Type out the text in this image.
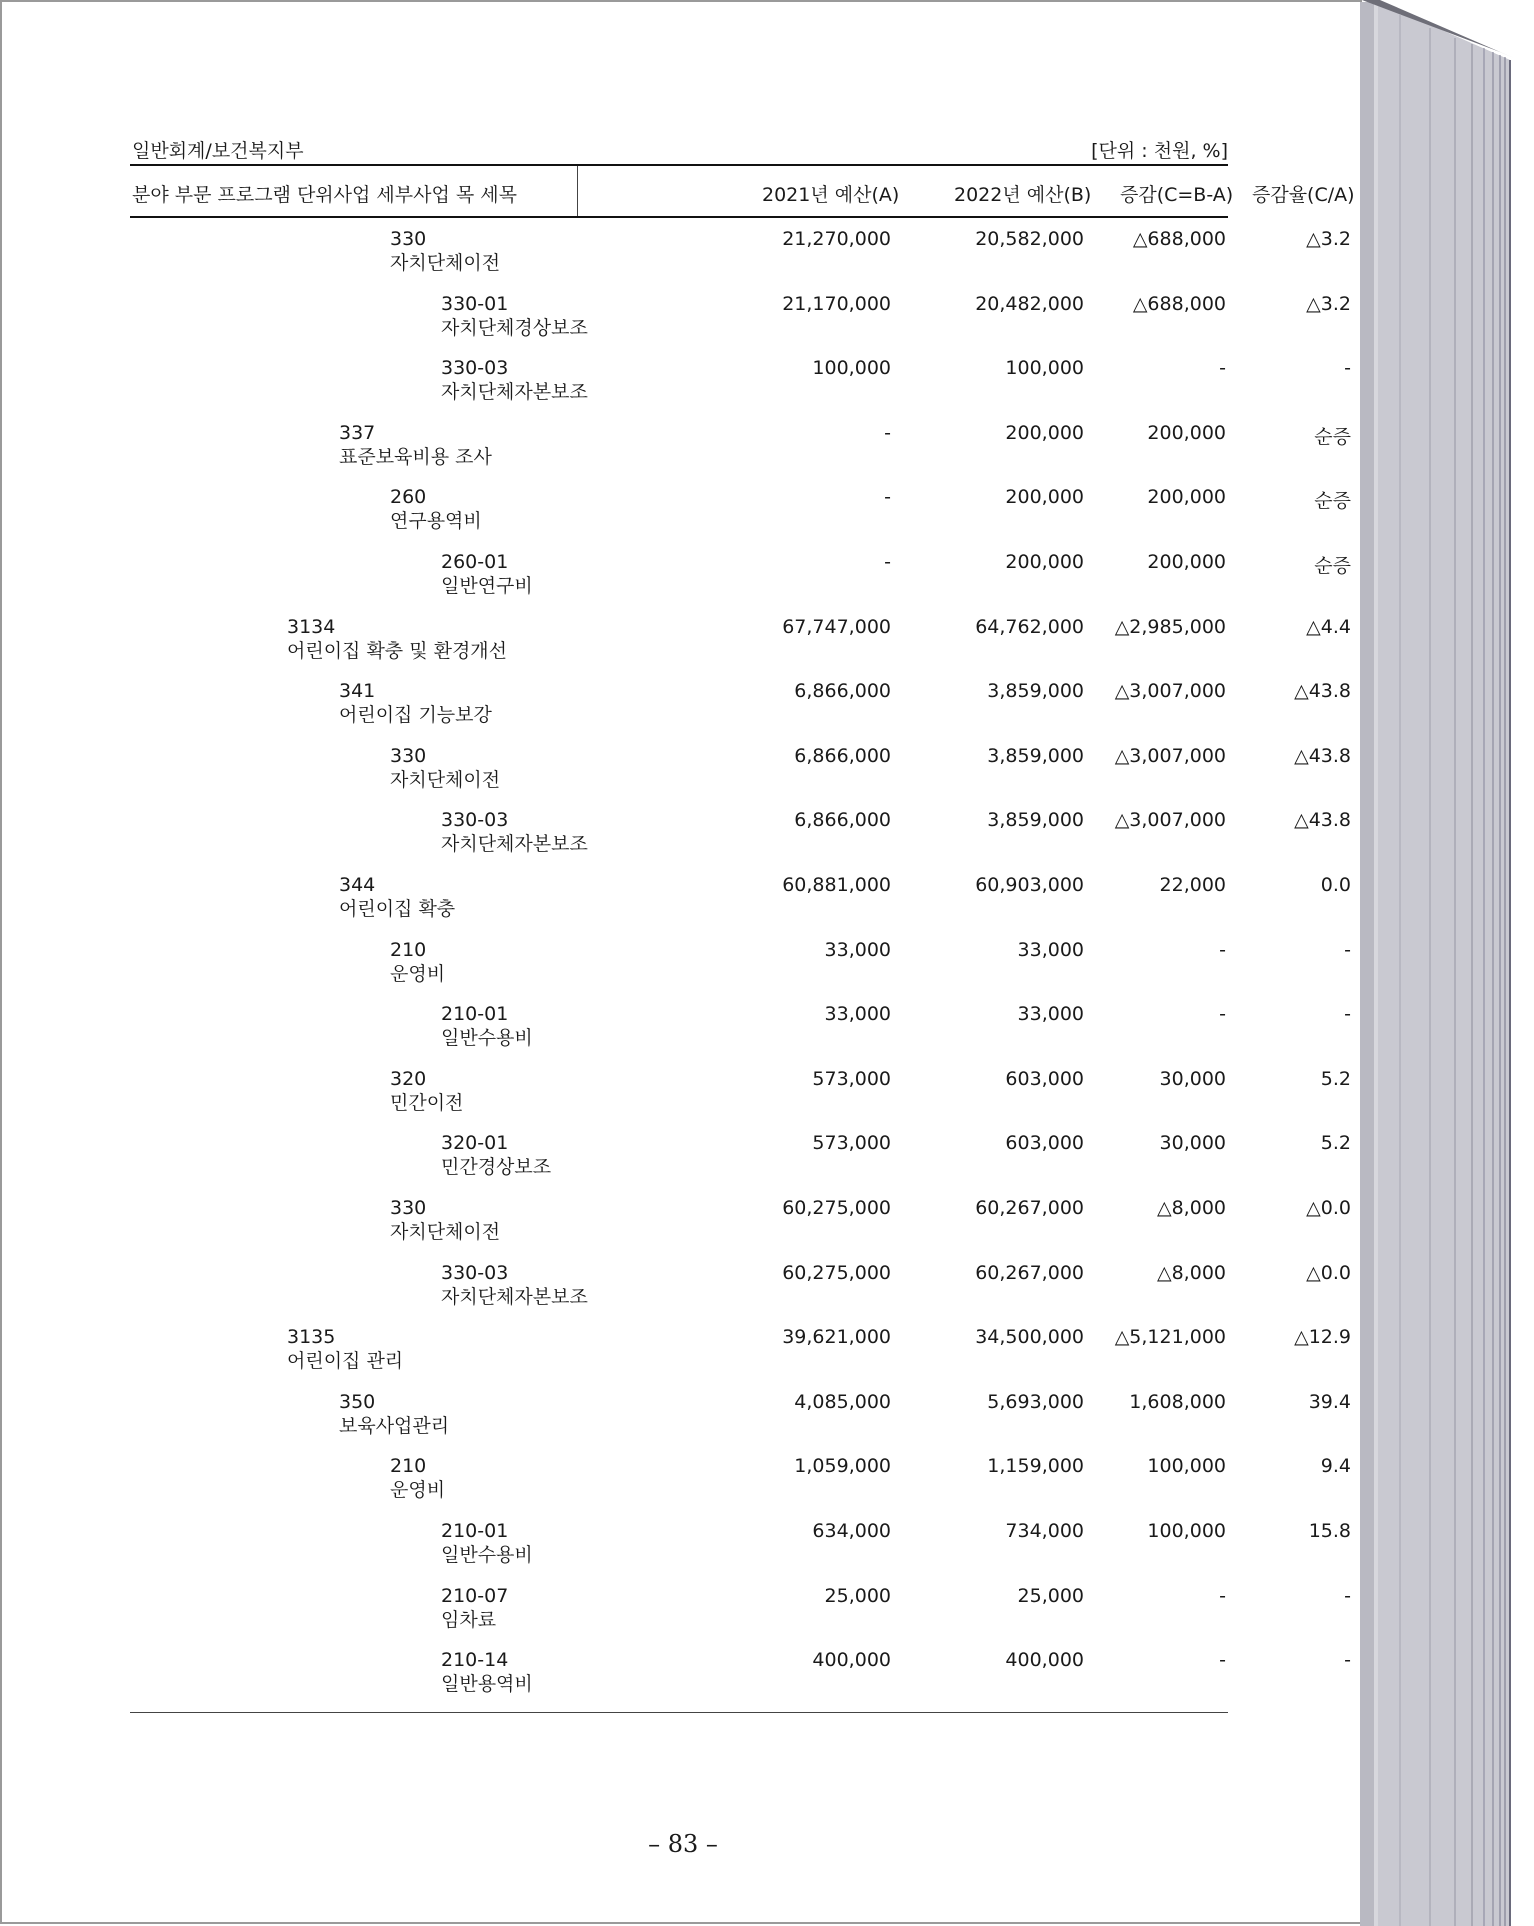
일반회계/보건복지부	[단위 : 천원, %]
분야 부문 프로그램 단위사업 세부사업 목 세목	2021년 예산(A)	2022년 예산(B) 증감(C=B-A) 증감율(C/A)
330
자치단체이전
21,270,000	20,582,000	△688,000	△3.2
330-01
자치단체경상보조
21,170,000	20,482,000	△688,000	△3.2
330-03
자치단체자본보조
100,000	100,000	-	-
337
표준보육비용 조사
-	200,000	200,000	순증
260
연구용역비
-	200,000	200,000	순증
260-01
일반연구비
-	200,000	200,000	순증
3134
어린이집 확충 및 환경개선
67,747,000	64,762,000	△2,985,000	△4.4
341
어린이집 기능보강
6,866,000	3,859,000	△3,007,000	△43.8
330
자치단체이전
6,866,000	3,859,000	△3,007,000	△43.8
330-03
자치단체자본보조
6,866,000	3,859,000	△3,007,000	△43.8
344
어린이집 확충
60,881,000	60,903,000	22,000	0.0
210
운영비
33,000	33,000	-	-
210-01
일반수용비
33,000	33,000	-	-
320
민간이전
573,000	603,000	30,000	5.2
320-01
민간경상보조
573,000	603,000	30,000	5.2
330
자치단체이전
60,275,000	60,267,000	△8,000	△0.0
330-03
자치단체자본보조
60,275,000	60,267,000	△8,000	△0.0
3135
어린이집 관리
39,621,000	34,500,000	△5,121,000	△12.9
350
보육사업관리
4,085,000	5,693,000	1,608,000	39.4
210
운영비
1,059,000	1,159,000	100,000	9.4
210-01
일반수용비
634,000	734,000	100,000	15.8
210-07
임차료
25,000	25,000	-	-
210-14
일반용역비
400,000	400,000	-	-
– 83 –
